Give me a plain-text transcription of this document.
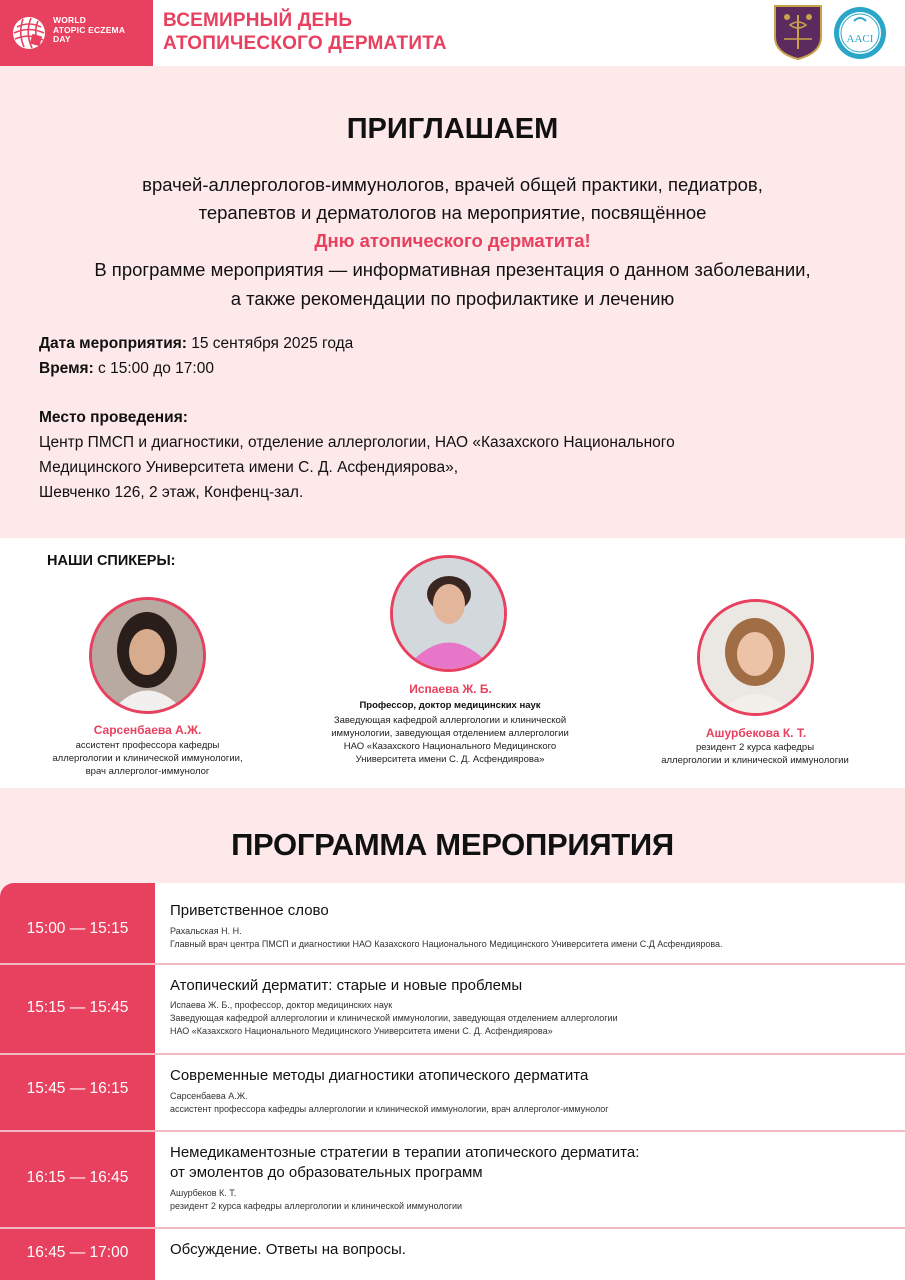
WORLD
ATOPIC ECZEMA
DAY
ВСЕМИРНЫЙ ДЕНЬ
АТОПИЧЕСКОГО ДЕРМАТИТА	AACI
ПРИГЛАШАЕМ
врачей-аллергологов-иммунологов, врачей общей практики, педиатров,
терапевтов и дерматологов на мероприятие, посвящённое
Дню атопического дерматита!
В программе мероприятия — информативная презентация о данном заболевании,
а также рекомендации по профилактике и лечению
Дата мероприятия: 15 сентября 2025 года
Время: с 15:00 до 17:00
Место проведения:
Центр ПМСП и диагностики, отделение аллергологии, НАО «Казахского Национального
Медицинского Университета имени С. Д. Асфендиярова»,
Шевченко 126, 2 этаж, Конфенц-зал.
НАШИ СПИКЕРЫ:
Сарсенбаева А.Ж.
ассистент профессора кафедры
аллергологии и клинической иммунологии,
врач аллерголог-иммунолог
Испаева Ж. Б.
Профессор, доктор медицинских наук
Заведующая кафедрой аллергологии и клинической
иммунологии, заведующая отделением аллергологии
НАО «Казахского Национального Медицинского
Университета имени С. Д. Асфендиярова»
Ашурбекова К. Т.
резидент 2 курса кафедры
аллергологии и клинической иммунологии
ПРОГРАММА МЕРОПРИЯТИЯ
15:00 — 15:15
Приветственное слово
Рахальская Н. Н.
Главный врач центра ПМСП и диагностики НАО Казахского Национального Медицинского Университета имени С.Д Асфендиярова.
15:15 — 15:45
Атопический дерматит: старые и новые проблемы
Испаева Ж. Б., профессор, доктор медицинских наук
Заведующая кафедрой аллергологии и клинической иммунологии, заведующая отделением аллергологии
НАО «Казахского Национального Медицинского Университета имени С. Д. Асфендиярова»
15:45 — 16:15
Современные методы диагностики атопического дерматита
Сарсенбаева А.Ж.
ассистент профессора кафедры аллергологии и клинической иммунологии, врач аллерголог-иммунолог
16:15 — 16:45
Немедикаментозные стратегии в терапии атопического дерматита:
от эмолентов до образовательных программ
Ашурбеков К. Т.
резидент 2 курса кафедры аллергологии и клинической иммунологии
16:45 — 17:00	Обсуждение. Ответы на вопросы.
